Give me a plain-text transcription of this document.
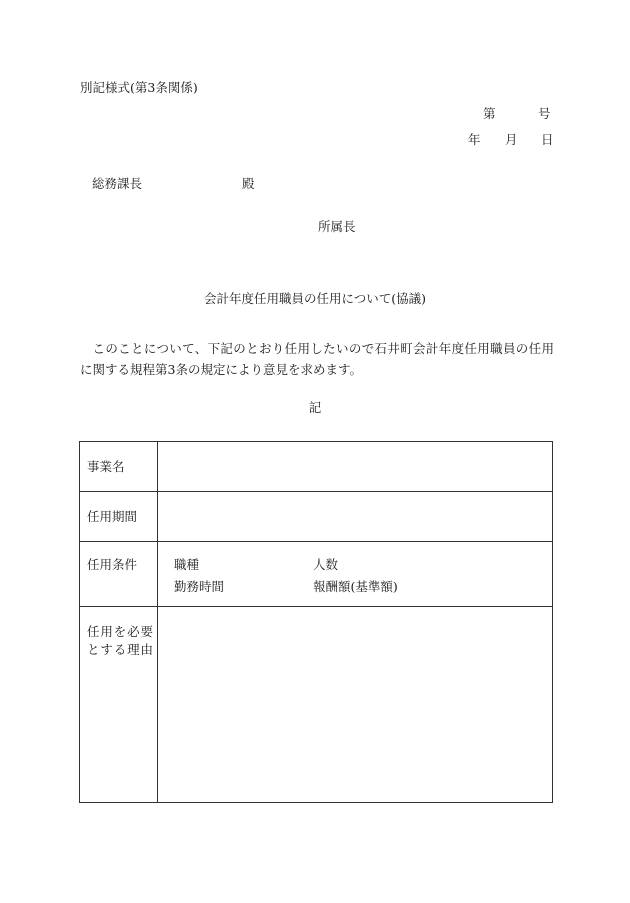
別記様式(第3条関係)
第	号
年 月 日
総務課長	殿
所属長
会計年度任用職員の任用について(協議)
このことについて、下記のとおり任用したいので石井町会計年度任用職員の任用に関する規程第3条の規定により意見を求めます。
記
事業名
任用期間
任用条件	職種	人数
勤務時間	報酬額(基準額)
任用を必要とする理由
